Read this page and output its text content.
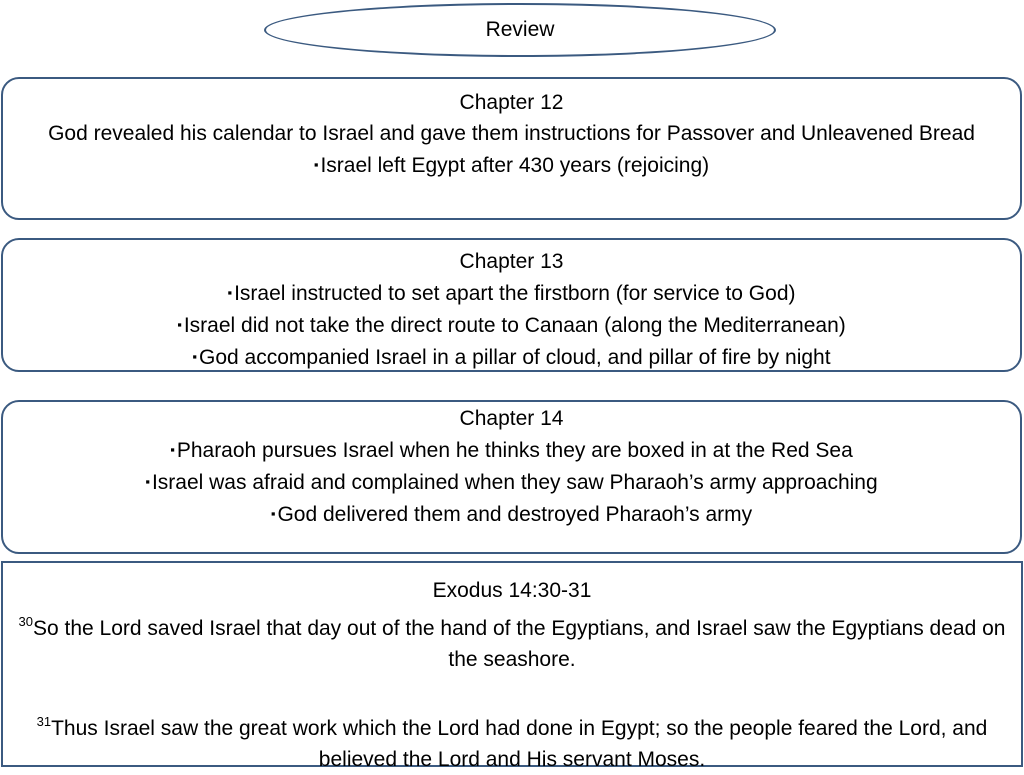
Review
Chapter 12
God revealed his calendar to Israel and gave them instructions for Passover and Unleavened Bread
▪Israel left Egypt after 430 years (rejoicing)
Chapter 13
▪Israel instructed to set apart the firstborn (for service to God)
▪Israel did not take the direct route to Canaan (along the Mediterranean)
▪God accompanied Israel in a pillar of cloud, and pillar of fire by night
Chapter 14
▪Pharaoh pursues Israel when he thinks they are boxed in at the Red Sea
▪Israel was afraid and complained when they saw Pharaoh’s army approaching
▪God delivered them and destroyed Pharaoh’s army
Exodus 14:30-31
$^{30}$So the Lord saved Israel that day out of the hand of the Egyptians, and Israel saw the Egyptians dead on the seashore.
$^{31}$Thus Israel saw the great work which the Lord had done in Egypt; so the people feared the Lord, and believed the Lord and His servant Moses.
